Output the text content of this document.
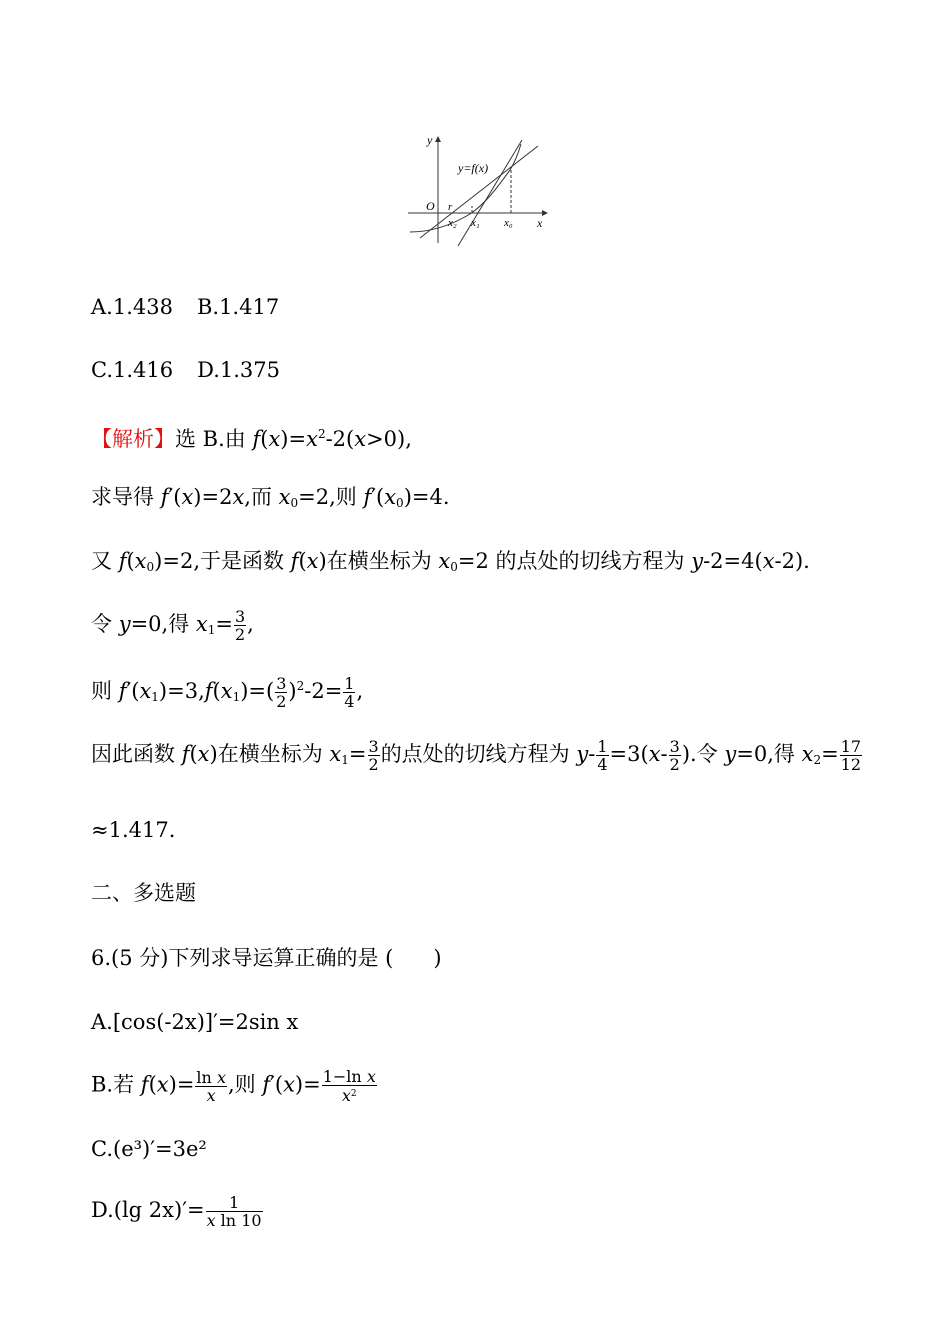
y
x
O r
y=f(x)
x₂ x₁ x₀
A.1.438 B.1.417
C.1.416 D.1.375
【解析】选 B.由 $f(x)=x^2-2(x>0)$,
求导得 f′(x)=2x,而 $x_0=2$,则 $f'(x_0)=4$.
又 $f(x_0)=2$,于是函数 f(x)在横坐标为 $x_0=2$ 的点处的切线方程为 y-2=4(x-2).
令 y=0,得 $x_1= \frac{3}{2}$ ,
则 $f'(x_1)=3,f(x_1)=( \frac{3}{2} )^2-2= \frac{1}{4}$ ,
因此函数 f(x)在横坐标为 $x_1= \frac{3}{2}$ 的点处的切线方程为 $y- \frac{1}{4} =3(x- \frac{3}{2}$ ).令 y=0,得 $x_2= \frac{17}{12}$
≈1.417.
二、多选题
6.(5 分)下列求导运算正确的是 ( )
A.[cos(-2x)]′=2sin x
B.若 $f(x)= \frac{\text{ln x}}{x}$ ,则 $f'(x)= \frac{\text{1−ln x}}{x^2}$
C.(e³)′=3e²
D.(lg $2x)'= \frac{1}{\text{x ln 10}}$
